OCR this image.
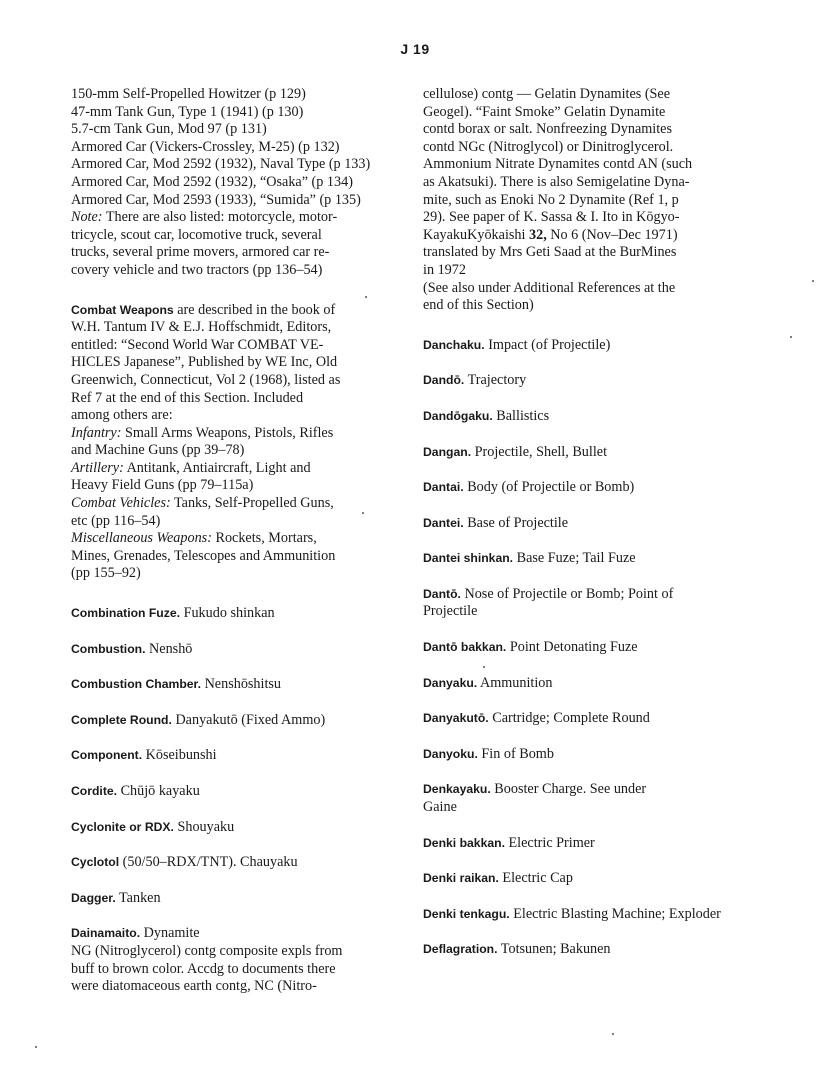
J 19
150-mm Self-Propelled Howitzer (p 129)
47-mm Tank Gun, Type 1 (1941) (p 130)
5.7-cm Tank Gun, Mod 97 (p 131)
Armored Car (Vickers-Crossley, M-25) (p 132)
Armored Car, Mod 2592 (1932), Naval Type (p 133)
Armored Car, Mod 2592 (1932), “Osaka” (p 134)
Armored Car, Mod 2593 (1933), “Sumida” (p 135)
Note: There are also listed: motorcycle, motor-
tricycle, scout car, locomotive truck, several
trucks, several prime movers, armored car re-
covery vehicle and two tractors (pp 136–54)
Combat Weapons are described in the book of
W.H. Tantum IV & E.J. Hoffschmidt, Editors,
entitled: “Second World War COMBAT VE-
HICLES Japanese”, Published by WE Inc, Old
Greenwich, Connecticut, Vol 2 (1968), listed as
Ref 7 at the end of this Section. Included
among others are:
Infantry: Small Arms Weapons, Pistols, Rifles
and Machine Guns (pp 39–78)
Artillery: Antitank, Antiaircraft, Light and
Heavy Field Guns (pp 79–115a)
Combat Vehicles: Tanks, Self-Propelled Guns,
etc (pp 116–54)
Miscellaneous Weapons: Rockets, Mortars,
Mines, Grenades, Telescopes and Ammunition
(pp 155–92)
Combination Fuze. Fukudo shinkan
Combustion. Nenshō
Combustion Chamber. Nenshōshitsu
Complete Round. Danyakutō (Fixed Ammo)
Component. Kōseibunshi
Cordite. Chūjō kayaku
Cyclonite or RDX. Shouyaku
Cyclotol (50/50–RDX/TNT). Chauyaku
Dagger. Tanken
Dainamaito. Dynamite
NG (Nitroglycerol) contg composite expls from
buff to brown color. Accdg to documents there
were diatomaceous earth contg, NC (Nitro-
cellulose) contg — Gelatin Dynamites (See
Geogel). “Faint Smoke” Gelatin Dynamite
contd borax or salt. Nonfreezing Dynamites
contd NGc (Nitroglycol) or Dinitroglycerol.
Ammonium Nitrate Dynamites contd AN (such
as Akatsuki). There is also Semigelatine Dyna-
mite, such as Enoki No 2 Dynamite (Ref 1, p
29). See paper of K. Sassa & I. Ito in Kōgyo-
KayakuKyōkaishi 32, No 6 (Nov–Dec 1971)
translated by Mrs Geti Saad at the BurMines
in 1972
(See also under Additional References at the
end of this Section)
Danchaku. Impact (of Projectile)
Dandō. Trajectory
Dandōgaku. Ballistics
Dangan. Projectile, Shell, Bullet
Dantai. Body (of Projectile or Bomb)
Dantei. Base of Projectile
Dantei shinkan. Base Fuze; Tail Fuze
Dantō. Nose of Projectile or Bomb; Point of
Projectile
Dantō bakkan. Point Detonating Fuze
Danyaku. Ammunition
Danyakutō. Cartridge; Complete Round
Danyoku. Fin of Bomb
Denkayaku. Booster Charge. See under
Gaine
Denki bakkan. Electric Primer
Denki raikan. Electric Cap
Denki tenkagu. Electric Blasting Machine; Exploder
Deflagration. Totsunen; Bakunen
